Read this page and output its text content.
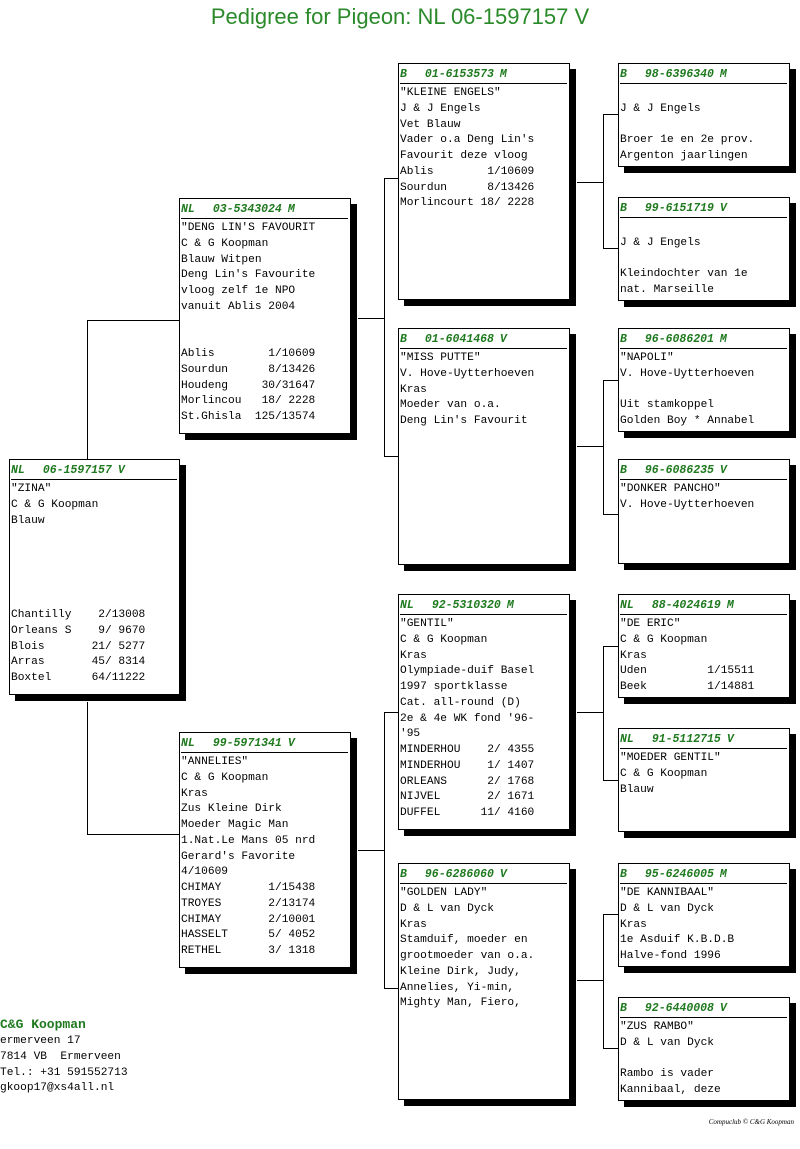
Pedigree for Pigeon: NL 06-1597157 V
NL 06-1597157 V
"ZINA"
C & G Koopman
Blauw

Chantilly    2/13008
Orleans S    9/ 9670
Blois       21/ 5277
Arras       45/ 8314
Boxtel      64/11222
NL 03-5343024 M
"DENG LIN'S FAVOURIT
C & G Koopman
Blauw Witpen
Deng Lin's Favourite
vloog zelf 1e NPO
vanuit Ablis 2004

Ablis        1/10609
Sourdun      8/13426
Houdeng     30/31647
Morlincou   18/ 2228
St.Ghisla  125/13574
NL 99-5971341 V
"ANNELIES"
C & G Koopman
Kras
Zus Kleine Dirk
Moeder Magic Man
1.Nat.Le Mans 05 nrd
Gerard's Favorite
4/10609
CHIMAY       1/15438
TROYES       2/13174
CHIMAY       2/10001
HASSELT      5/ 4052
RETHEL       3/ 1318
B 01-6153573 M
"KLEINE ENGELS"
J & J Engels
Vet Blauw
Vader o.a Deng Lin's
Favourit deze vloog
Ablis        1/10609
Sourdun      8/13426
Morlincourt 18/ 2228
B 01-6041468 V
"MISS PUTTE"
V. Hove-Uytterhoeven
Kras
Moeder van o.a.
Deng Lin's Favourit
NL 92-5310320 M
"GENTIL"
C & G Koopman
Kras
Olympiade-duif Basel
1997 sportklasse
Cat. all-round (D)
2e & 4e WK fond '96-
'95
MINDERHOU    2/ 4355
MINDERHOU    1/ 1407
ORLEANS      2/ 1768
NIJVEL       2/ 1671
DUFFEL      11/ 4160
B 96-6286060 V
"GOLDEN LADY"
D & L van Dyck
Kras
Stamduif, moeder en
grootmoeder van o.a.
Kleine Dirk, Judy,
Annelies, Yi-min,
Mighty Man, Fiero,
B 98-6396340 M

J & J Engels

Broer 1e en 2e prov.
Argenton jaarlingen
B 99-6151719 V

J & J Engels

Kleindochter van 1e
nat. Marseille
B 96-6086201 M
"NAPOLI"
V. Hove-Uytterhoeven

Uit stamkoppel
Golden Boy * Annabel
B 96-6086235 V
"DONKER PANCHO"
V. Hove-Uytterhoeven
NL 88-4024619 M
"DE ERIC"
C & G Koopman
Kras
Uden         1/15511
Beek         1/14881
NL 91-5112715 V
"MOEDER GENTIL"
C & G Koopman
Blauw
B 95-6246005 M
"DE KANNIBAAL"
D & L van Dyck
Kras
1e Asduif K.B.D.B
Halve-fond 1996
B 92-6440008 V
"ZUS RAMBO"
D & L van Dyck

Rambo is vader
Kannibaal, deze
C&G Koopman
ermerveen 17
7814 VB  Ermerveen
Tel.: +31 591552713
gkoop17@xs4all.nl
Compuclub © C&G Koopman
